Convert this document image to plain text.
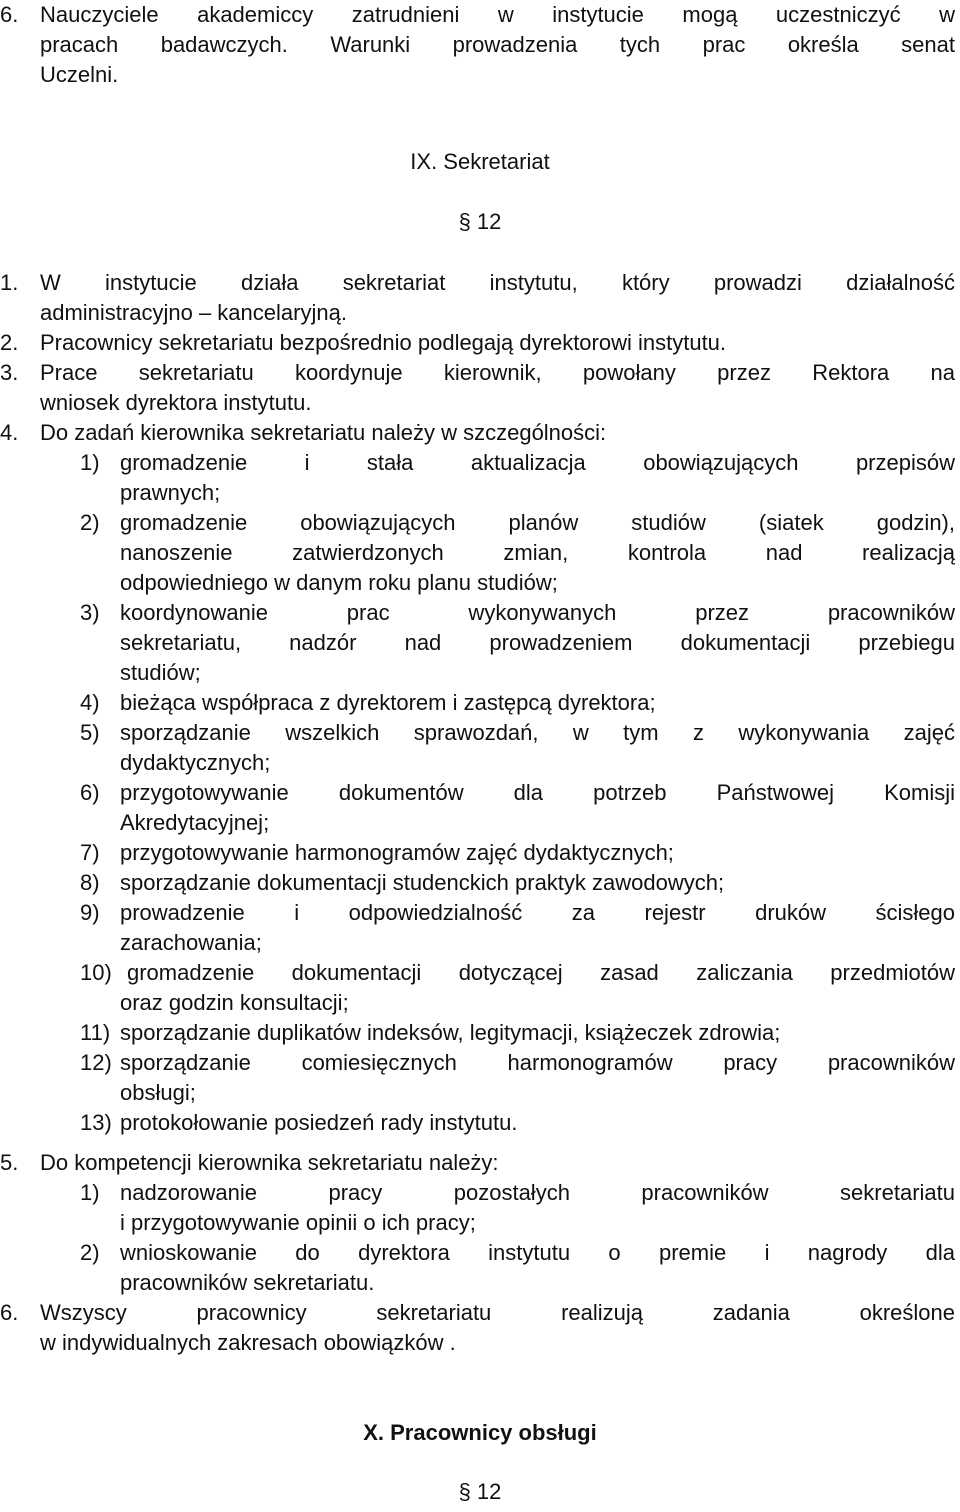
6. Nauczyciele akademiccy zatrudnieni w instytucie mogą uczestniczyć w
pracach badawczych. Warunki prowadzenia tych prac określa senat
Uczelni.
IX. Sekretariat
§ 12
1. W instytucie działa sekretariat instytutu, który prowadzi działalność
administracyjno – kancelaryjną.
2. Pracownicy sekretariatu bezpośrednio podlegają dyrektorowi instytutu.
3. Prace sekretariatu koordynuje kierownik, powołany przez Rektora na
wniosek dyrektora instytutu.
4. Do zadań kierownika sekretariatu należy w szczególności:
1) gromadzenie i stała aktualizacja obowiązujących przepisów
prawnych;
2) gromadzenie obowiązujących planów studiów (siatek godzin),
nanoszenie zatwierdzonych zmian, kontrola nad realizacją
odpowiedniego w danym roku planu studiów;
3) koordynowanie prac wykonywanych przez pracowników
sekretariatu, nadzór nad prowadzeniem dokumentacji przebiegu
studiów;
4) bieżąca współpraca z dyrektorem i zastępcą dyrektora;
5) sporządzanie wszelkich sprawozdań, w tym z wykonywania zajęć
dydaktycznych;
6) przygotowywanie dokumentów dla potrzeb Państwowej Komisji
Akredytacyjnej;
7) przygotowywanie harmonogramów zajęć dydaktycznych;
8) sporządzanie dokumentacji studenckich praktyk zawodowych;
9) prowadzenie i odpowiedzialność za rejestr druków ścisłego
zarachowania;
10) gromadzenie dokumentacji dotyczącej zasad zaliczania przedmiotów
oraz godzin konsultacji;
11) sporządzanie duplikatów indeksów, legitymacji, książeczek zdrowia;
12) sporządzanie comiesięcznych harmonogramów pracy pracowników
obsługi;
13) protokołowanie posiedzeń rady instytutu.
5. Do kompetencji kierownika sekretariatu należy:
1) nadzorowanie pracy pozostałych pracowników sekretariatu
i przygotowywanie opinii o ich pracy;
2) wnioskowanie do dyrektora instytutu o premie i nagrody dla
pracowników sekretariatu.
6. Wszyscy pracownicy sekretariatu realizują zadania określone
w indywidualnych zakresach obowiązków .
X. Pracownicy obsługi
§ 12
